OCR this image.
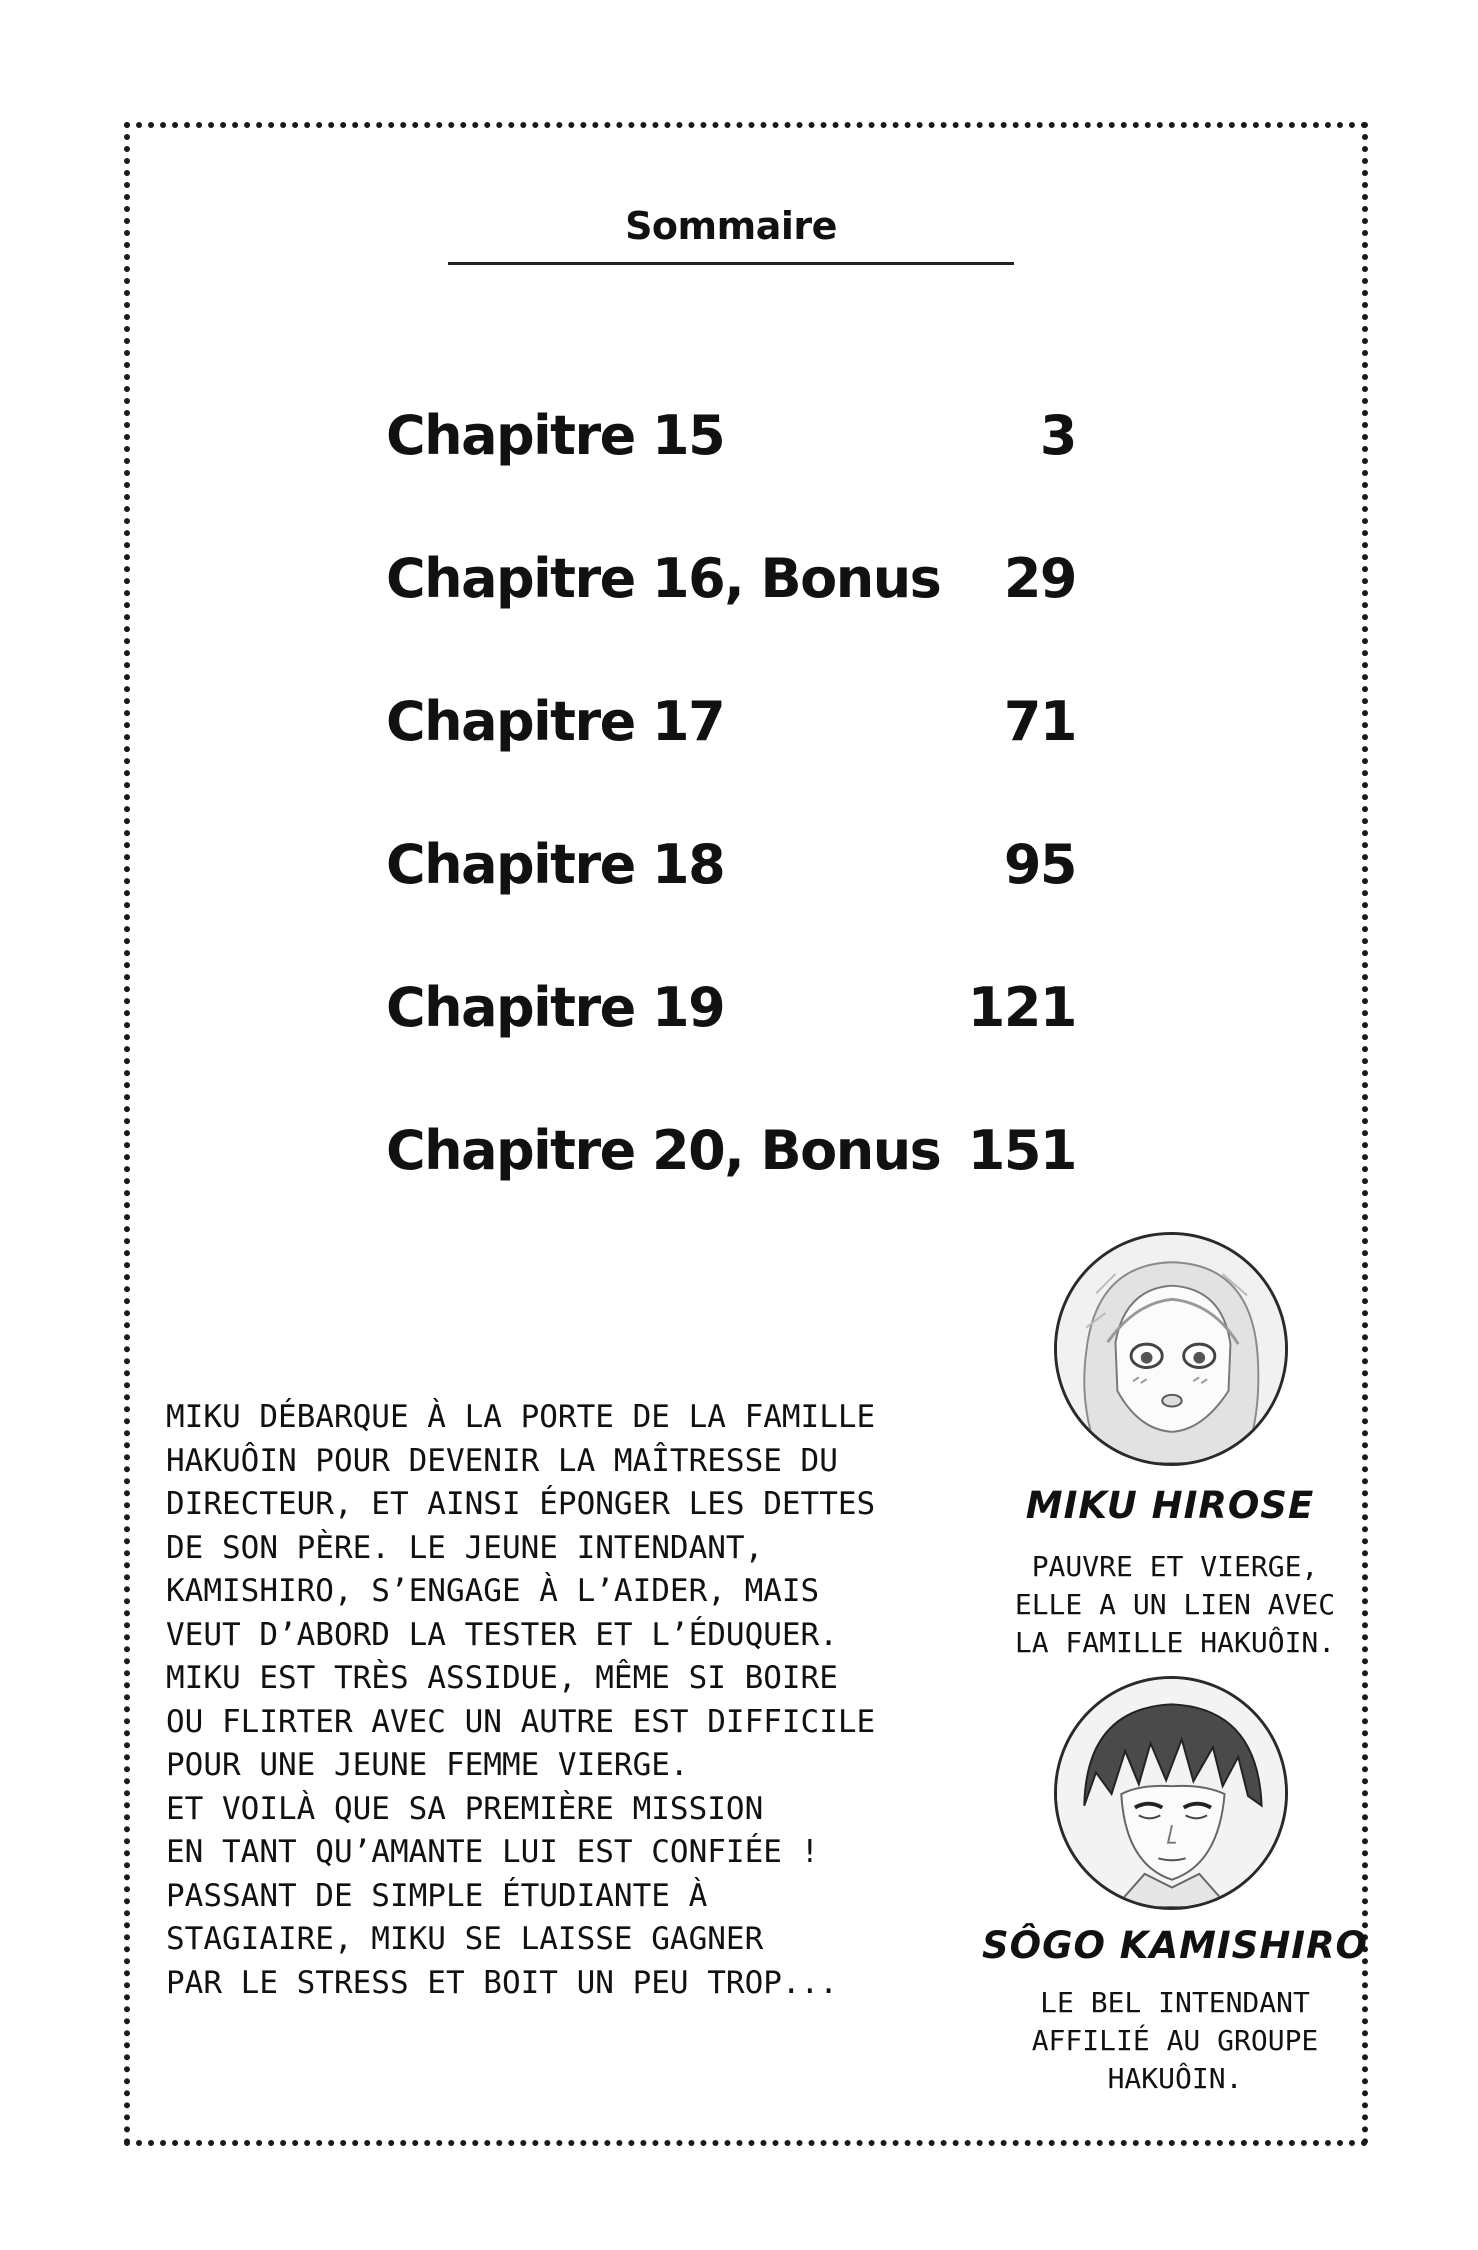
Sommaire
Chapitre 15	3
Chapitre 16, Bonus 29
Chapitre 17	71
Chapitre 18	95
Chapitre 19	121
Chapitre 20, Bonus 151
MIKU DÉBARQUE À LA PORTE DE LA FAMILLE
HAKUÔIN POUR DEVENIR LA MAÎTRESSE DU
DIRECTEUR, ET AINSI ÉPONGER LES DETTES
DE SON PÈRE. LE JEUNE INTENDANT,
KAMISHIRO, S’ENGAGE À L’AIDER, MAIS
VEUT D’ABORD LA TESTER ET L’ÉDUQUER.
MIKU EST TRÈS ASSIDUE, MÊME SI BOIRE
OU FLIRTER AVEC UN AUTRE EST DIFFICILE
POUR UNE JEUNE FEMME VIERGE.
ET VOILÀ QUE SA PREMIÈRE MISSION
EN TANT QU’AMANTE LUI EST CONFIÉE !
PASSANT DE SIMPLE ÉTUDIANTE À
STAGIAIRE, MIKU SE LAISSE GAGNER
PAR LE STRESS ET BOIT UN PEU TROP...
MIKU HIROSE
PAUVRE ET VIERGE,
ELLE A UN LIEN AVEC
LA FAMILLE HAKUÔIN.
SÔGO KAMISHIRO
LE BEL INTENDANT
AFFILIÉ AU GROUPE
HAKUÔIN.
